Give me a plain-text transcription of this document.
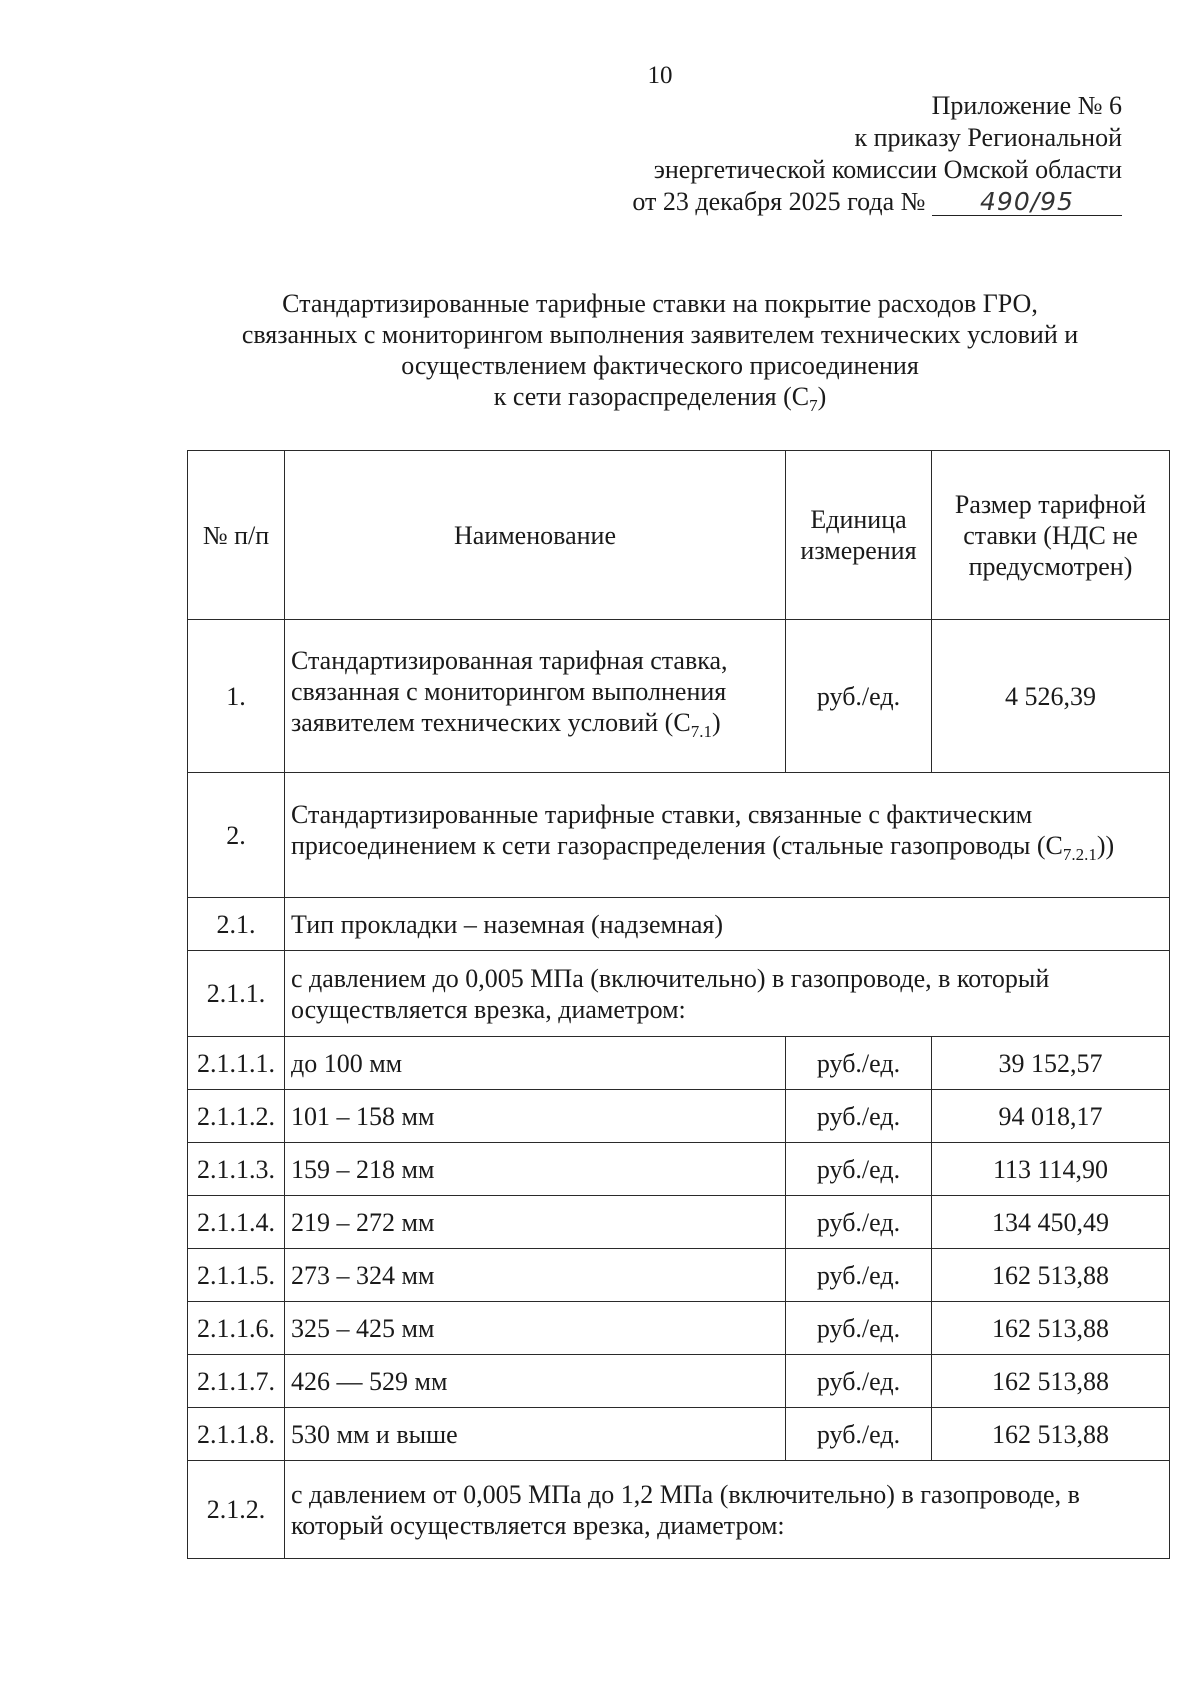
10
Приложение № 6
к приказу Региональной
энергетической комиссии Омской области
от 23 декабря 2025 года № 490/95
Стандартизированные тарифные ставки на покрытие расходов ГРО,
связанных с мониторингом выполнения заявителем технических условий и
осуществлением фактического присоединения
к сети газораспределения $(С_7)$
№ п/п	Наименование	Единица измерения	Размер тарифной ставки (НДС не предусмотрен)
1.	Стандартизированная тарифная ставка, связанная с мониторингом выполнения заявителем технических условий $(С_{7.1})$	руб./ед.	4 526,39
2.	Стандартизированные тарифные ставки, связанные с фактическим присоединением к сети газораспределения (стальные газопроводы $(С_{7.2.1})$)		
2.1.	Тип прокладки – наземная (надземная)		
2.1.1.	с давлением до 0,005 МПа (включительно) в газопроводе, в который осуществляется врезка, диаметром:		
2.1.1.1.	до 100 мм	руб./ед.	39 152,57
2.1.1.2.	101 – 158 мм	руб./ед.	94 018,17
2.1.1.3.	159 – 218 мм	руб./ед.	113 114,90
2.1.1.4.	219 – 272 мм	руб./ед.	134 450,49
2.1.1.5.	273 – 324 мм	руб./ед.	162 513,88
2.1.1.6.	325 – 425 мм	руб./ед.	162 513,88
2.1.1.7.	426 — 529 мм	руб./ед.	162 513,88
2.1.1.8.	530 мм и выше	руб./ед.	162 513,88
2.1.2.	с давлением от 0,005 МПа до 1,2 МПа (включительно) в газопроводе, в который осуществляется врезка, диаметром:		
